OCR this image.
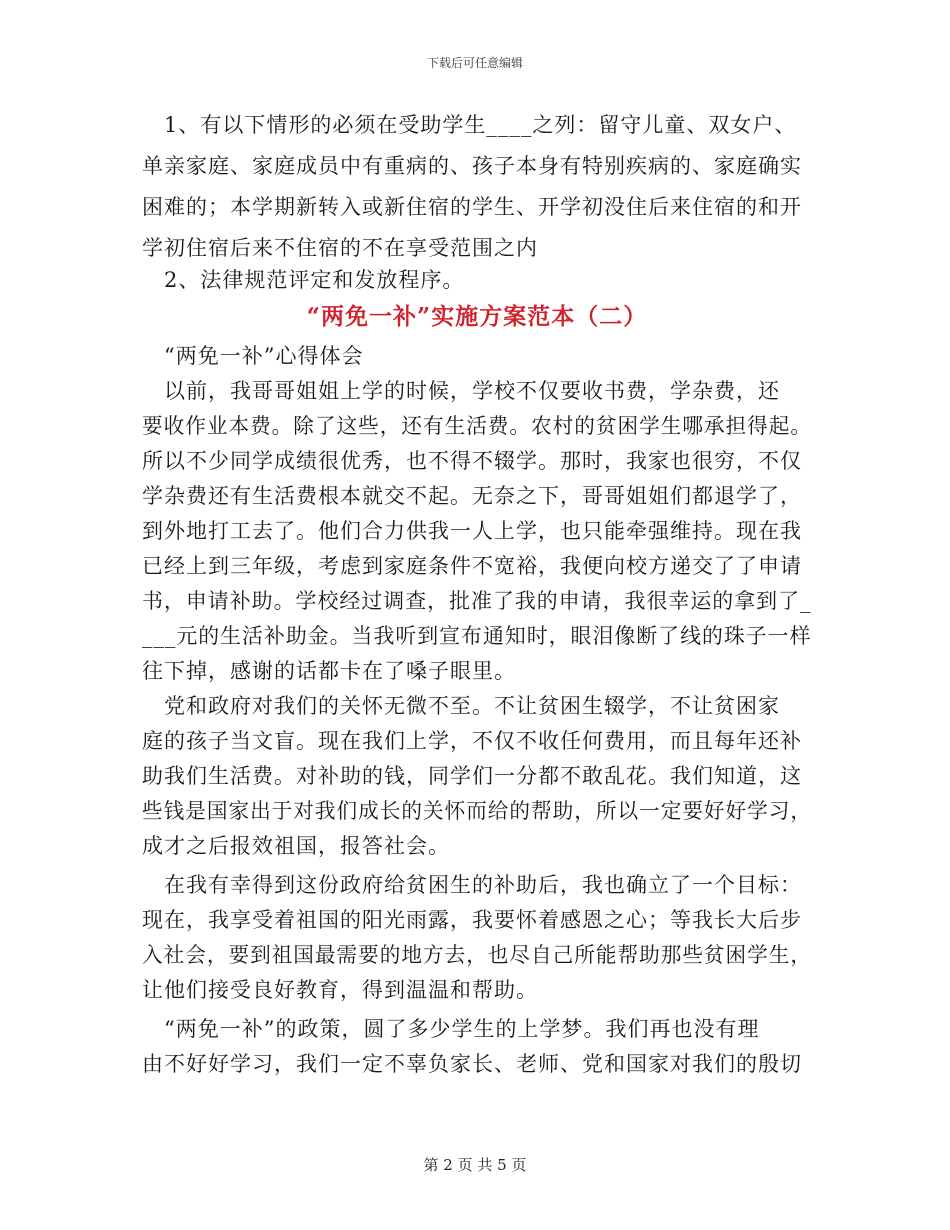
下载后可任意编辑
　1、有以下情形的必须在受助学生____之列：留守儿童、双女户、
单亲家庭、家庭成员中有重病的、孩子本身有特别疾病的、家庭确实
困难的；本学期新转入或新住宿的学生、开学初没住后来住宿的和开
学初住宿后来不住宿的不在享受范围之内
　2、法律规范评定和发放程序。
“两免一补”实施方案范本（二）
　“两免一补”心得体会
　以前，我哥哥姐姐上学的时候，学校不仅要收书费，学杂费，还
要收作业本费。除了这些，还有生活费。农村的贫困学生哪承担得起。
所以不少同学成绩很优秀，也不得不辍学。那时，我家也很穷，不仅
学杂费还有生活费根本就交不起。无奈之下，哥哥姐姐们都退学了，
到外地打工去了。他们合力供我一人上学，也只能牵强维持。现在我
已经上到三年级，考虑到家庭条件不宽裕，我便向校方递交了了申请
书，申请补助。学校经过调查，批准了我的申请，我很幸运的拿到了_
___元的生活补助金。当我听到宣布通知时，眼泪像断了线的珠子一样
往下掉，感谢的话都卡在了嗓子眼里。
　党和政府对我们的关怀无微不至。不让贫困生辍学，不让贫困家
庭的孩子当文盲。现在我们上学，不仅不收任何费用，而且每年还补
助我们生活费。对补助的钱，同学们一分都不敢乱花。我们知道，这
些钱是国家出于对我们成长的关怀而给的帮助，所以一定要好好学习，
成才之后报效祖国，报答社会。
　在我有幸得到这份政府给贫困生的补助后，我也确立了一个目标：
现在，我享受着祖国的阳光雨露，我要怀着感恩之心；等我长大后步
入社会，要到祖国最需要的地方去，也尽自己所能帮助那些贫困学生，
让他们接受良好教育，得到温温和帮助。
　“两免一补”的政策，圆了多少学生的上学梦。我们再也没有理
由不好好学习，我们一定不辜负家长、老师、党和国家对我们的殷切
第 2 页 共 5 页
